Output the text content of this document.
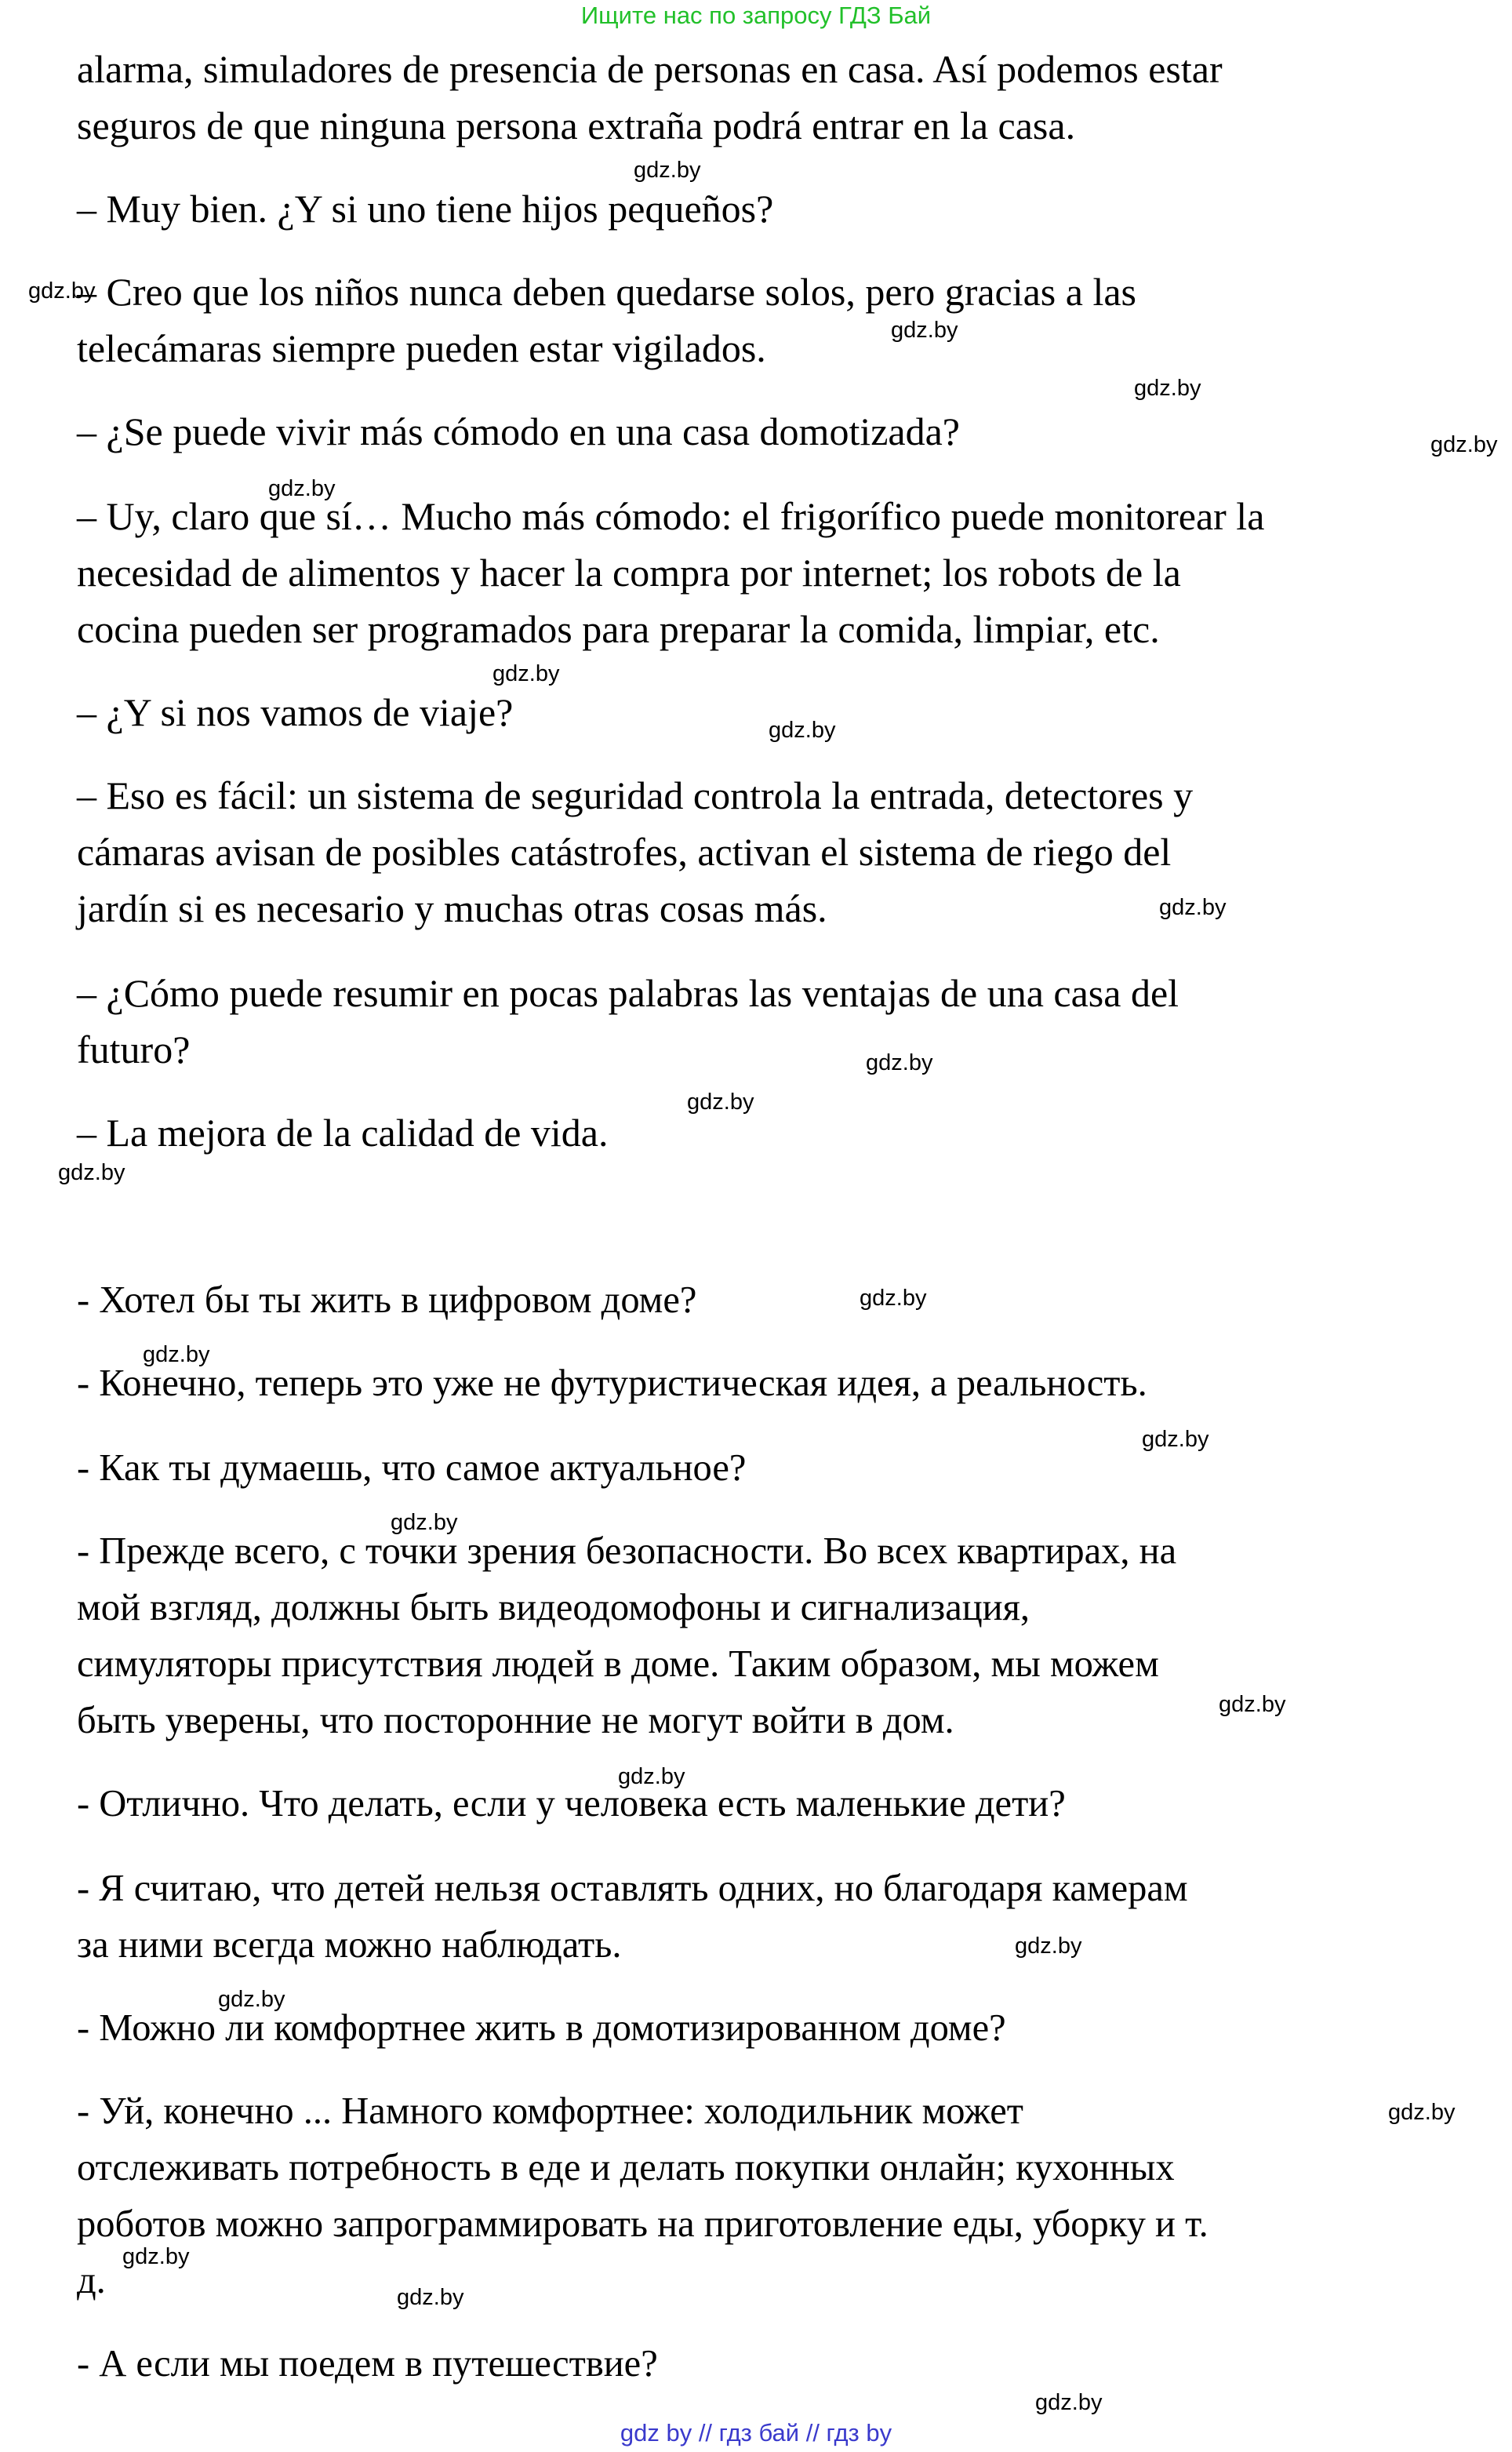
Ищите нас по запросу ГДЗ Бай

alarma, simuladores de presencia de personas en casa. Así podemos estar

seguros de que ninguna persona extraña podrá entrar en la casa.

– Muy bien. ¿Y si uno tiene hijos pequeños?

– Creo que los niños nunca deben quedarse solos, pero gracias a las

telecámaras siempre pueden estar vigilados.

– ¿Se puede vivir más cómodo en una casa domotizada?

– Uy, claro que sí… Mucho más cómodo: el frigorífico puede monitorear la

necesidad de alimentos y hacer la compra por internet; los robots de la

cocina pueden ser programados para preparar la comida, limpiar, etc.

– ¿Y si nos vamos de viaje?

– Eso es fácil: un sistema de seguridad controla la entrada, detectores y

cámaras avisan de posibles catástrofes, activan el sistema de riego del

jardín si es necesario y muchas otras cosas más.

– ¿Cómo puede resumir en pocas palabras las ventajas de una casa del

futuro?

– La mejora de la calidad de vida.

- Хотел бы ты жить в цифровом доме?

- Конечно, теперь это уже не футуристическая идея, а реальность.

- Как ты думаешь, что самое актуальное?

- Прежде всего, с точки зрения безопасности. Во всех квартирах, на

мой взгляд, должны быть видеодомофоны и сигнализация,

симуляторы присутствия людей в доме. Таким образом, мы можем

быть уверены, что посторонние не могут войти в дом.

- Отлично. Что делать, если у человека есть маленькие дети?

- Я считаю, что детей нельзя оставлять одних, но благодаря камерам

за ними всегда можно наблюдать.

- Можно ли комфортнее жить в домотизированном доме?

- Уй, конечно ... Намного комфортнее: холодильник может

отслеживать потребность в еде и делать покупки онлайн; кухонных

роботов можно запрограммировать на приготовление еды, уборку и т.

д.

- А если мы поедем в путешествие?

gdz.by
gdz.by
gdz.by
gdz.by
gdz.by
gdz.by
gdz.by
gdz.by
gdz.by
gdz.by
gdz.by
gdz.by
gdz.by
gdz.by
gdz.by
gdz.by
gdz.by
gdz.by
gdz.by
gdz.by
gdz.by
gdz.by
gdz.by
gdz.by
gdz by // гдз бай // гдз by
